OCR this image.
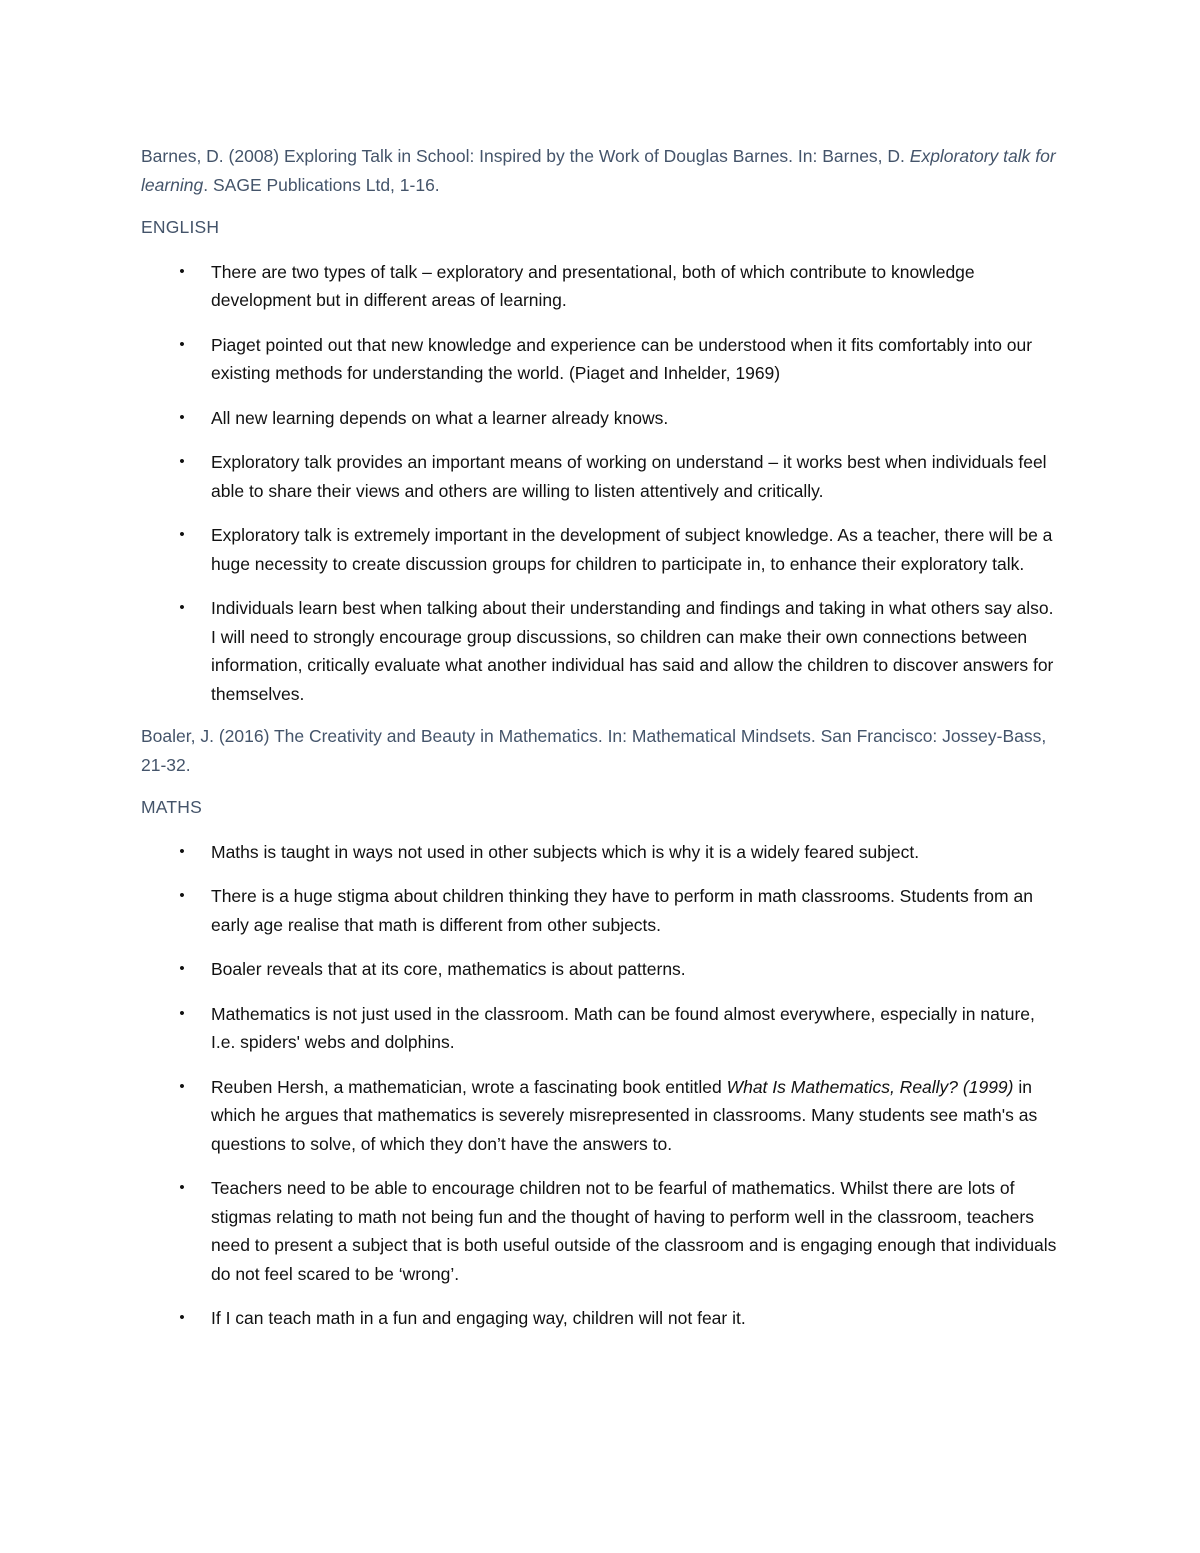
Barnes, D. (2008) Exploring Talk in School: Inspired by the Work of Douglas Barnes. In: Barnes, D. Exploratory talk for learning. SAGE Publications Ltd, 1-16.

ENGLISH

• There are two types of talk – exploratory and presentational, both of which contribute to knowledge development but in different areas of learning.
• Piaget pointed out that new knowledge and experience can be understood when it fits comfortably into our existing methods for understanding the world. (Piaget and Inhelder, 1969)
• All new learning depends on what a learner already knows.
• Exploratory talk provides an important means of working on understand – it works best when individuals feel able to share their views and others are willing to listen attentively and critically.
• Exploratory talk is extremely important in the development of subject knowledge. As a teacher, there will be a huge necessity to create discussion groups for children to participate in, to enhance their exploratory talk.
• Individuals learn best when talking about their understanding and findings and taking in what others say also. I will need to strongly encourage group discussions, so children can make their own connections between information, critically evaluate what another individual has said and allow the children to discover answers for themselves.

Boaler, J. (2016) The Creativity and Beauty in Mathematics. In: Mathematical Mindsets. San Francisco: Jossey-Bass, 21-32.

MATHS

• Maths is taught in ways not used in other subjects which is why it is a widely feared subject.
• There is a huge stigma about children thinking they have to perform in math classrooms. Students from an early age realise that math is different from other subjects.
• Boaler reveals that at its core, mathematics is about patterns.
• Mathematics is not just used in the classroom. Math can be found almost everywhere, especially in nature, I.e. spiders' webs and dolphins.
• Reuben Hersh, a mathematician, wrote a fascinating book entitled What Is Mathematics, Really? (1999) in which he argues that mathematics is severely misrepresented in classrooms. Many students see math's as questions to solve, of which they don’t have the answers to.
• Teachers need to be able to encourage children not to be fearful of mathematics. Whilst there are lots of stigmas relating to math not being fun and the thought of having to perform well in the classroom, teachers need to present a subject that is both useful outside of the classroom and is engaging enough that individuals do not feel scared to be ‘wrong’.
• If I can teach math in a fun and engaging way, children will not fear it.
